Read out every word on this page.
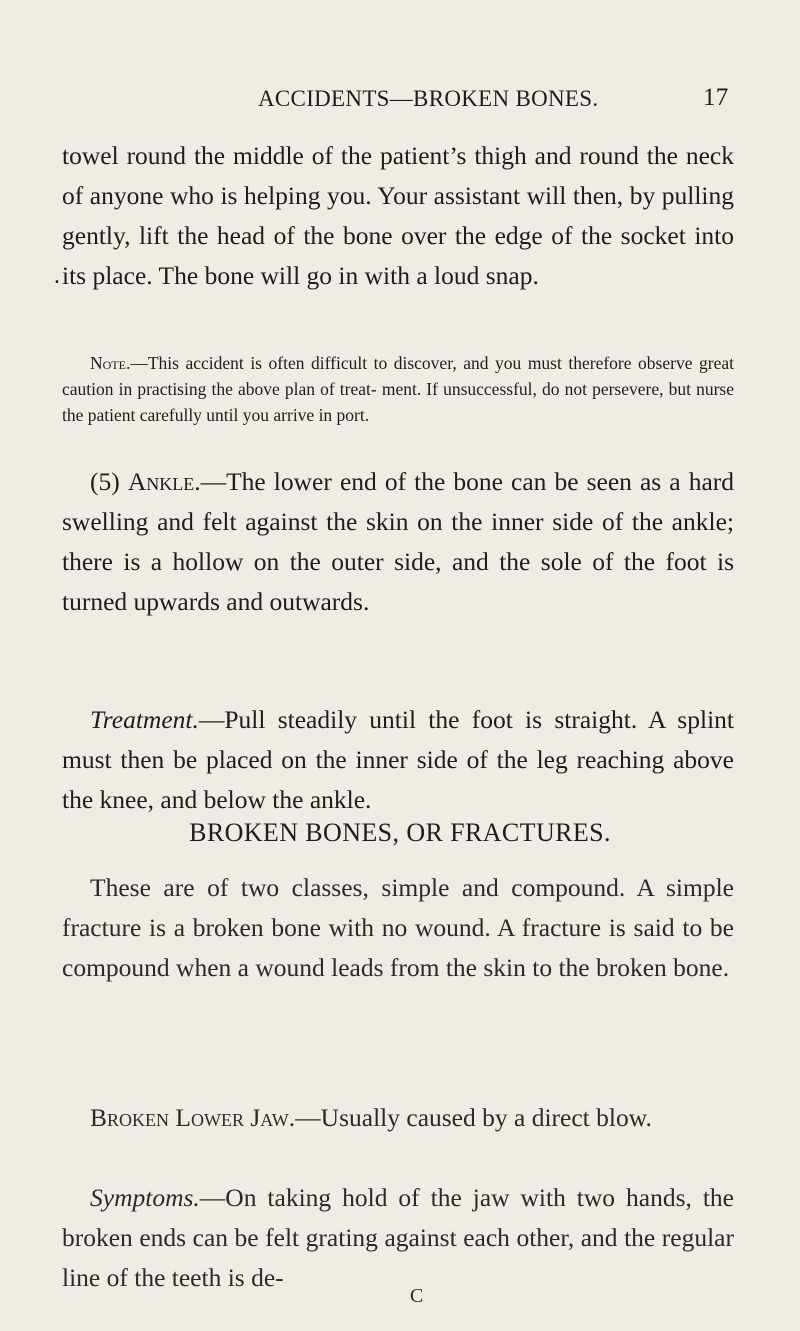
ACCIDENTS—BROKEN BONES.	17
.
towel round the middle of the patient’s thigh and round the neck of anyone who is helping you. Your assistant will then, by pulling gently, lift the head of the bone over the edge of the socket into its place. The bone will go in with a loud snap.
Note.—This accident is often difficult to discover, and you must therefore observe great caution in practising the above plan of treat- ment. If unsuccessful, do not persevere, but nurse the patient carefully until you arrive in port.
(5) Ankle.—The lower end of the bone can be seen as a hard swelling and felt against the skin on the inner side of the ankle; there is a hollow on the outer side, and the sole of the foot is turned upwards and outwards.
Treatment.—Pull steadily until the foot is straight. A splint must then be placed on the inner side of the leg reaching above the knee, and below the ankle.
BROKEN BONES, OR FRACTURES.
These are of two classes, simple and compound. A simple fracture is a broken bone with no wound. A fracture is said to be compound when a wound leads from the skin to the broken bone.
Broken Lower Jaw.—Usually caused by a direct blow.
Symptoms.—On taking hold of the jaw with two hands, the broken ends can be felt grating against each other, and the regular line of the teeth is de-
C
